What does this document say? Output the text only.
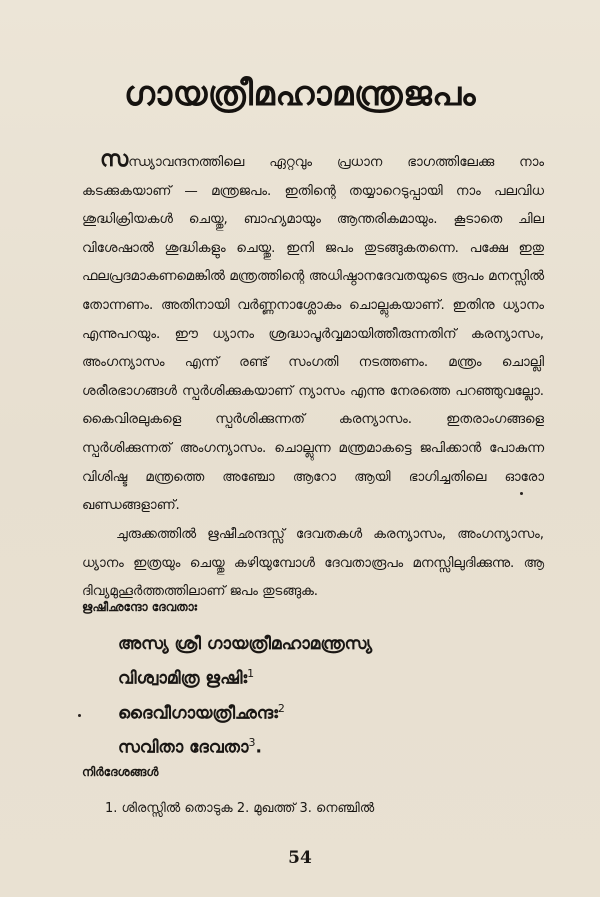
ഗായത്രീമഹാമന്ത്രജപം
സന്ധ്യാവന്ദനത്തിലെ ഏറ്റവും പ്രധാന ഭാഗത്തിലേക്കു നാം കടക്കുകയാണ് — മന്ത്രജപം. ഇതിന്റെ തയ്യാറെടുപ്പായി നാം പലവിധ ശുദ്ധിക്രിയകൾ ചെയ്തു, ബാഹ്യമായും ആന്തരികമായും. കൂടാതെ ചില വിശേഷാൽ ശുദ്ധികളും ചെയ്തു. ഇനി ജപം തുടങ്ങുകതന്നെ. പക്ഷേ ഇതു ഫലപ്രദമാകണമെങ്കിൽ മന്ത്രത്തിന്റെ അധിഷ്ഠാനദേവതയുടെ രൂപം മനസ്സിൽ തോന്നണം. അതിനായി വർണ്ണനാശ്ലോകം ചൊല്ലുകയാണ്. ഇതിനു ധ്യാനം എന്നുപറയും. ഈ ധ്യാനം ശ്രദ്ധാപൂർവ്വമായിത്തീരുന്നതിന് കരന്യാസം, അംഗന്യാസം എന്ന് രണ്ട് സംഗതി നടത്തണം. മന്ത്രം ചൊല്ലി ശരീരഭാഗങ്ങൾ സ്പർശിക്കുകയാണ് ന്യാസം എന്നു നേരത്തെ പറഞ്ഞുവല്ലോ. കൈവിരലുകളെ സ്പർശിക്കുന്നത് കരന്യാസം. ഇതരാംഗങ്ങളെ സ്പർശിക്കുന്നത് അംഗന്യാസം. ചൊല്ലുന്ന മന്ത്രമാകട്ടെ ജപിക്കാൻ പോകുന്ന വിശിഷ്ട മന്ത്രത്തെ അഞ്ചോ ആറോ ആയി ഭാഗിച്ചതിലെ ഓരോ ഖണ്ഡങ്ങളാണ്.
ചുരുക്കത്തിൽ ഋഷീഛന്ദസ്സ് ദേവതകൾ കരന്യാസം, അംഗന്യാസം, ധ്യാനം ഇത്രയും ചെയ്തു കഴിയുമ്പോൾ ദേവതാരൂപം മനസ്സിലുദിക്കുന്നു. ആ ദിവ്യമുഹൂർത്തത്തിലാണ് ജപം തുടങ്ങുക.
ഋഷീഛന്ദോ ദേവതാഃ
അസ്യ ശ്രീ ഗായത്രീമഹാമന്ത്രസ്യ
വിശ്വാമിത്ര ഋഷിഃ$^1$
ദൈവീഗായത്രീഛന്ദഃ$^2$
സവിതാ ദേവതാ$^3$.
നിർദേശങ്ങൾ
1. ശിരസ്സിൽ തൊടുക 2. മുഖത്ത് 3. നെഞ്ചിൽ
54
